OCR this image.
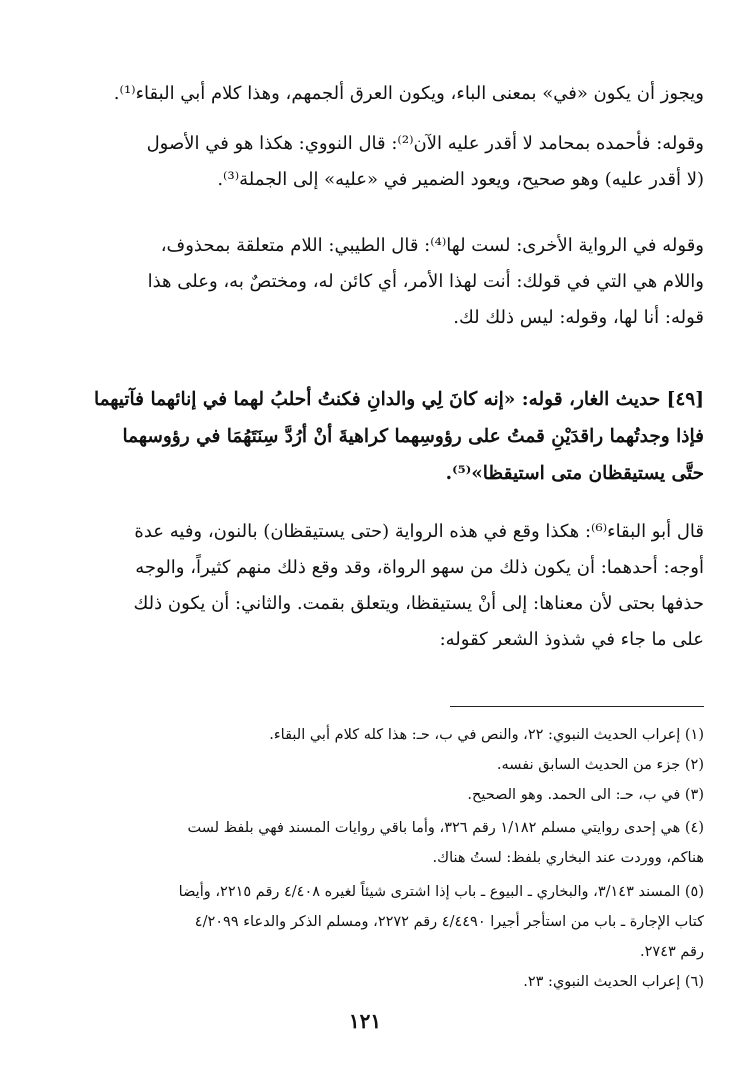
ويجوز أن يكون «في» بمعنى الباء، ويكون العرق ألجمهم، وهذا كلام أبي البقاء⁽¹⁾.
وقوله: فأحمده بمحامد لا أقدر عليه الآن⁽²⁾: قال النووي: هكذا هو في الأصول
(لا أقدر عليه) وهو صحيح، ويعود الضمير في «عليه» إلى الجملة⁽³⁾.
وقوله في الرواية الأخرى: لست لها⁽⁴⁾: قال الطيبي: اللام متعلقة بمحذوف،
واللام هي التي في قولك: أنت لهذا الأمر، أي كائن له، ومختصٌ به، وعلى هذا
قوله: أنا لها، وقوله: ليس ذلك لك.
[٤٩] حديث الغار، قوله: «إنه كانَ لِي والدانِ فكنتُ أحلبُ لهما في إنائهما فآتيهما
فإذا وجدتُهما راقدَيْنِ قمتُ على رؤوسِهما كراهيةَ أنْ أرُدَّ سِنَتَهُمَا في رؤوسهما
حتَّى يستيقظان متى استيقظا»⁽⁵⁾.
قال أبو البقاء⁽⁶⁾: هكذا وقع في هذه الرواية (حتى يستيقظان) بالنون، وفيه عدة
أوجه: أحدهما: أن يكون ذلك من سهو الرواة، وقد وقع ذلك منهم كثيراً، والوجه
حذفها بحتى لأن معناها: إلى أنْ يستيقظا، ويتعلق بقمت. والثاني: أن يكون ذلك
على ما جاء في شذوذ الشعر كقوله:
(١) إعراب الحديث النبوي: ٢٢، والنص في ب، حـ: هذا كله كلام أبي البقاء.
(٢) جزء من الحديث السابق نفسه.
(٣) في ب، حـ: الى الحمد. وهو الصحيح.
(٤) هي إحدى روايتي مسلم ١/١٨٢ رقم ٣٢٦، وأما باقي روايات المسند فهي بلفظ لست
هناكم، ووردت عند البخاري بلفظ: لستُ هناك.
(٥) المسند ٣/١٤٣، والبخاري ـ البيوع ـ باب إذا اشترى شيئاً لغيره ٤/٤٠٨ رقم ٢٢١٥، وأيضا
كتاب الإجارة ـ باب من استأجر أجيرا ٤/٤٤٩٠ رقم ٢٢٧٢، ومسلم الذكر والدعاء ٤/٢٠٩٩
رقم ٢٧٤٣.
(٦) إعراب الحديث النبوي: ٢٣.
١٢١
